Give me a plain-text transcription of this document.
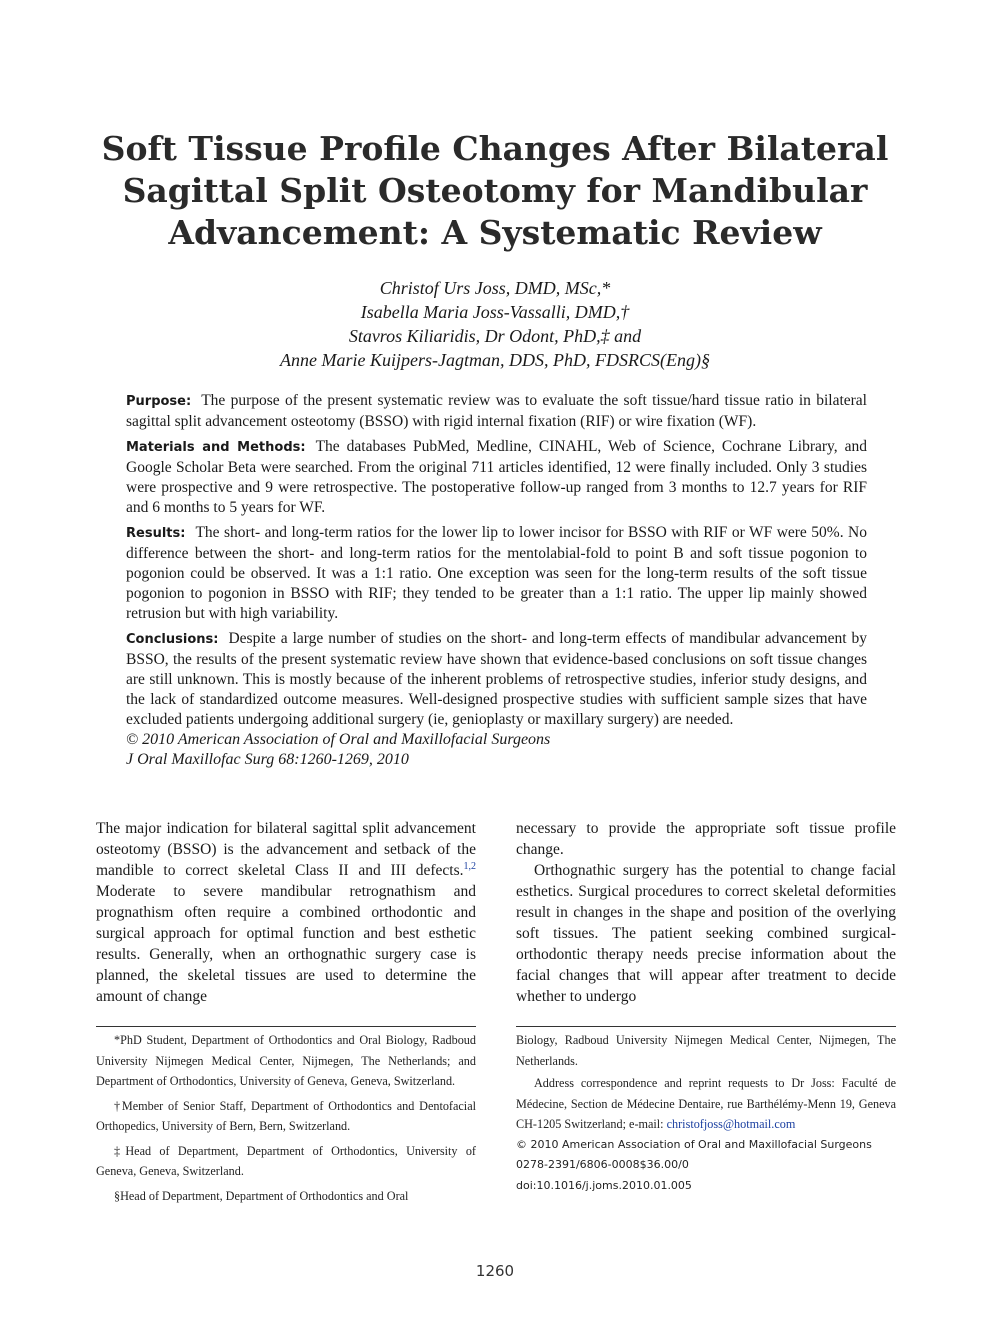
Soft Tissue Profile Changes After Bilateral
Sagittal Split Osteotomy for Mandibular
Advancement: A Systematic Review
Christof Urs Joss, DMD, MSc,*
Isabella Maria Joss-Vassalli, DMD,†
Stavros Kiliaridis, Dr Odont, PhD,‡ and
Anne Marie Kuijpers-Jagtman, DDS, PhD, FDSRCS(Eng)§

Purpose: The purpose of the present systematic review was to evaluate the soft tissue/hard tissue ratio in bilateral sagittal split advancement osteotomy (BSSO) with rigid internal fixation (RIF) or wire fixation (WF).

Materials and Methods: The databases PubMed, Medline, CINAHL, Web of Science, Cochrane Library, and Google Scholar Beta were searched. From the original 711 articles identified, 12 were finally included. Only 3 studies were prospective and 9 were retrospective. The postoperative follow-up ranged from 3 months to 12.7 years for RIF and 6 months to 5 years for WF.

Results: The short- and long-term ratios for the lower lip to lower incisor for BSSO with RIF or WF were 50%. No difference between the short- and long-term ratios for the mentolabial-fold to point B and soft tissue pogonion to pogonion could be observed. It was a 1:1 ratio. One exception was seen for the long-term results of the soft tissue pogonion to pogonion in BSSO with RIF; they tended to be greater than a 1:1 ratio. The upper lip mainly showed retrusion but with high variability.

Conclusions: Despite a large number of studies on the short- and long-term effects of mandibular advancement by BSSO, the results of the present systematic review have shown that evidence-based conclusions on soft tissue changes are still unknown. This is mostly because of the inherent problems of retrospective studies, inferior study designs, and the lack of standardized outcome measures. Well-designed prospective studies with sufficient sample sizes that have excluded patients undergoing additional surgery (ie, genioplasty or maxillary surgery) are needed.

© 2010 American Association of Oral and Maxillofacial Surgeons

J Oral Maxillofac Surg 68:1260-1269, 2010

The major indication for bilateral sagittal split advancement osteotomy (BSSO) is the advancement and setback of the mandible to correct skeletal Class II and III defects.$^{1,2}$ Moderate to severe mandibular retrognathism and prognathism often require a combined orthodontic and surgical approach for optimal function and best esthetic results. Generally, when an orthognathic surgery case is planned, the skeletal tissues are used to determine the amount of change

necessary to provide the appropriate soft tissue profile change.

Orthognathic surgery has the potential to change facial esthetics. Surgical procedures to correct skeletal deformities result in changes in the shape and position of the overlying soft tissues. The patient seeking combined surgical-orthodontic therapy needs precise information about the facial changes that will appear after treatment to decide whether to undergo

*PhD Student, Department of Orthodontics and Oral Biology, Radboud University Nijmegen Medical Center, Nijmegen, The Netherlands; and Department of Orthodontics, University of Geneva, Geneva, Switzerland.

†Member of Senior Staff, Department of Orthodontics and Dentofacial Orthopedics, University of Bern, Bern, Switzerland.

‡Head of Department, Department of Orthodontics, University of Geneva, Geneva, Switzerland.

§Head of Department, Department of Orthodontics and Oral

Biology, Radboud University Nijmegen Medical Center, Nijmegen, The Netherlands.

Address correspondence and reprint requests to Dr Joss: Faculté de Médecine, Section de Médecine Dentaire, rue Barthélémy-Menn 19, Geneva CH-1205 Switzerland; e-mail: christofjoss@hotmail.com

© 2010 American Association of Oral and Maxillofacial Surgeons

0278-2391/6806-0008$36.00/0

doi:10.1016/j.joms.2010.01.005

1260
